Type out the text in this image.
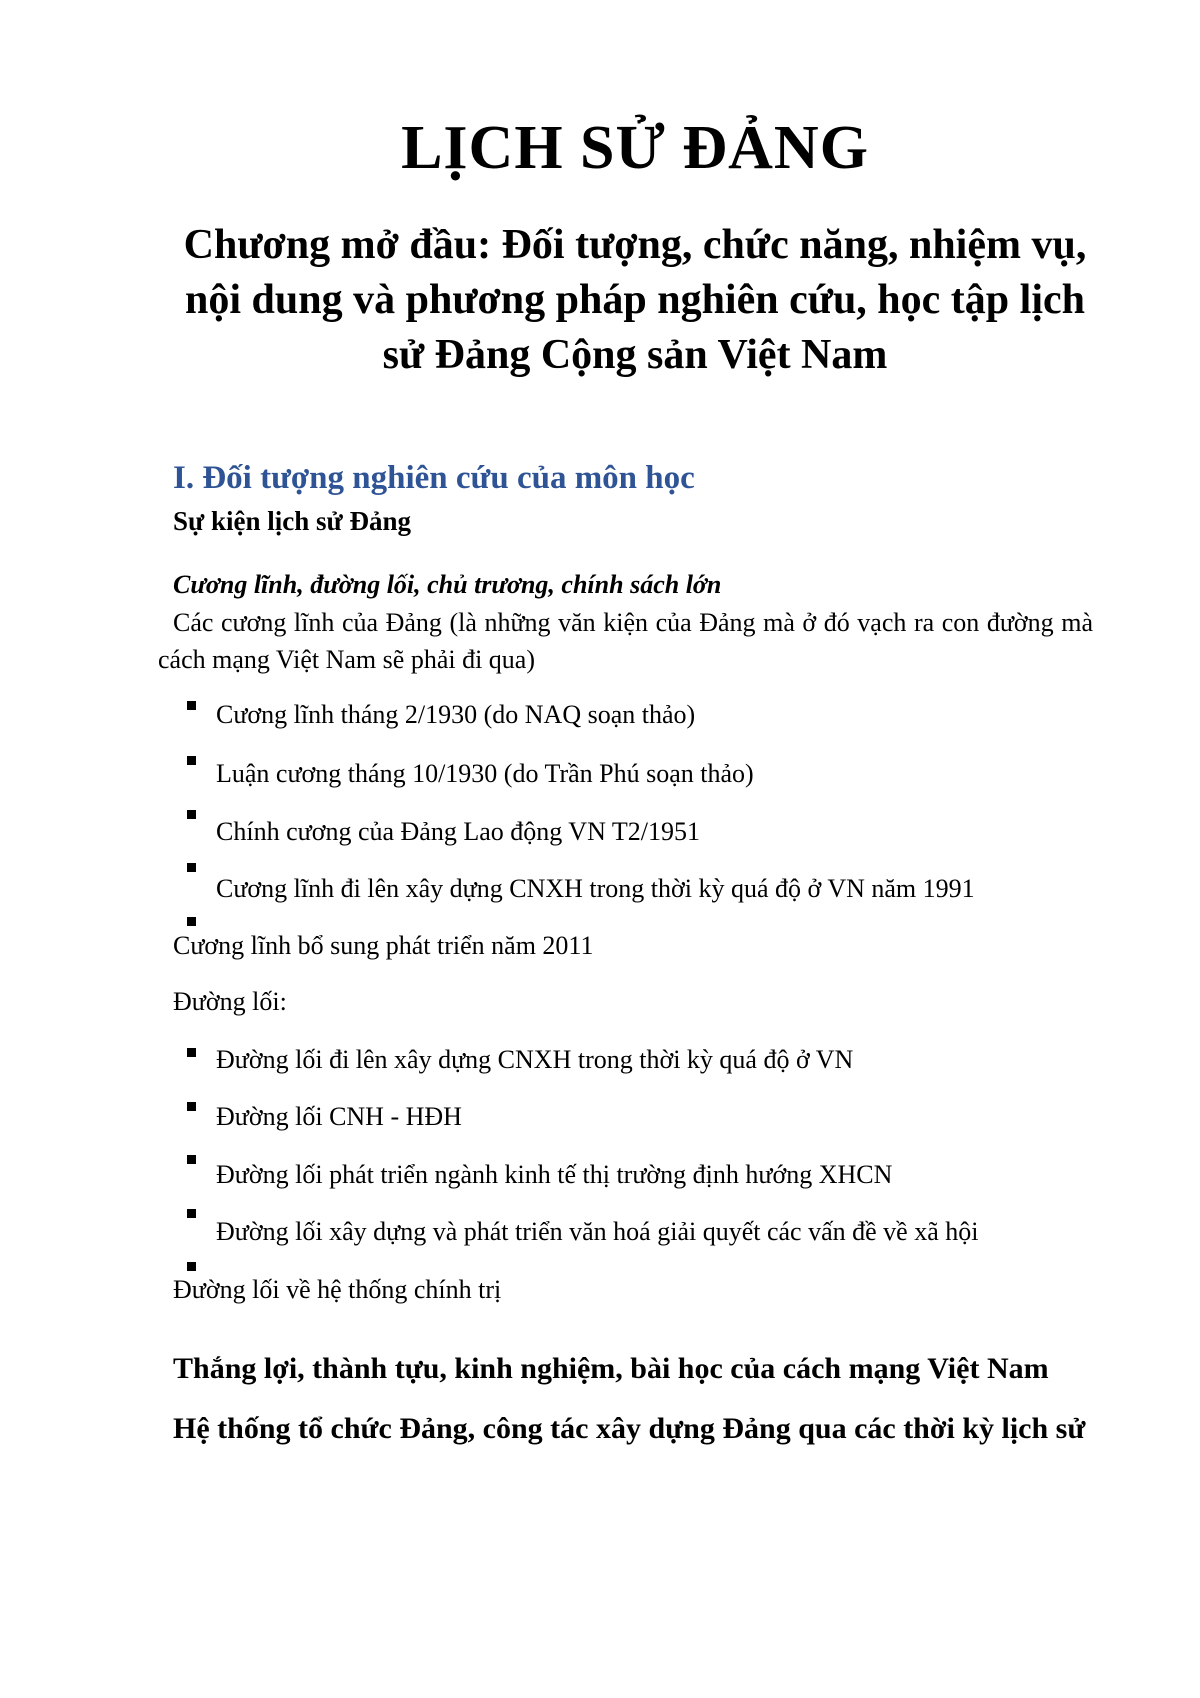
LỊCH SỬ ĐẢNG
Chương mở đầu: Đối tượng, chức năng, nhiệm vụ, nội dung và phương pháp nghiên cứu, học tập lịch sử Đảng Cộng sản Việt Nam
I. Đối tượng nghiên cứu của môn học
Sự kiện lịch sử Đảng
Cương lĩnh, đường lối, chủ trương, chính sách lớn

Các cương lĩnh của Đảng (là những văn kiện của Đảng mà ở đó vạch ra con đường mà cách mạng Việt Nam sẽ phải đi qua)

Cương lĩnh tháng 2/1930 (do NAQ soạn thảo)
Luận cương tháng 10/1930 (do Trần Phú soạn thảo)
Chính cương của Đảng Lao động VN T2/1951
Cương lĩnh đi lên xây dựng CNXH trong thời kỳ quá độ ở VN năm 1991
Cương lĩnh bổ sung phát triển năm 2011
Đường lối:
Đường lối đi lên xây dựng CNXH trong thời kỳ quá độ ở VN
Đường lối CNH - HĐH
Đường lối phát triển ngành kinh tế thị trường định hướng XHCN
Đường lối xây dựng và phát triển văn hoá giải quyết các vấn đề về xã hội
Đường lối về hệ thống chính trị
Thắng lợi, thành tựu, kinh nghiệm, bài học của cách mạng Việt Nam

Hệ thống tổ chức Đảng, công tác xây dựng Đảng qua các thời kỳ lịch sử
